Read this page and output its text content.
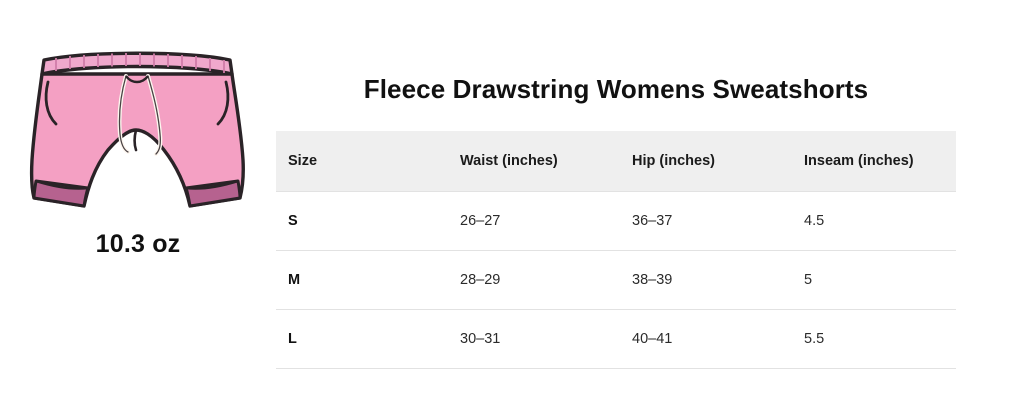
10.3 oz
Fleece Drawstring Womens Sweatshorts
Size	Waist (inches)	Hip (inches)	Inseam (inches)
S	26–27	36–37	4.5
M	28–29	38–39	5
L	30–31	40–41	5.5
